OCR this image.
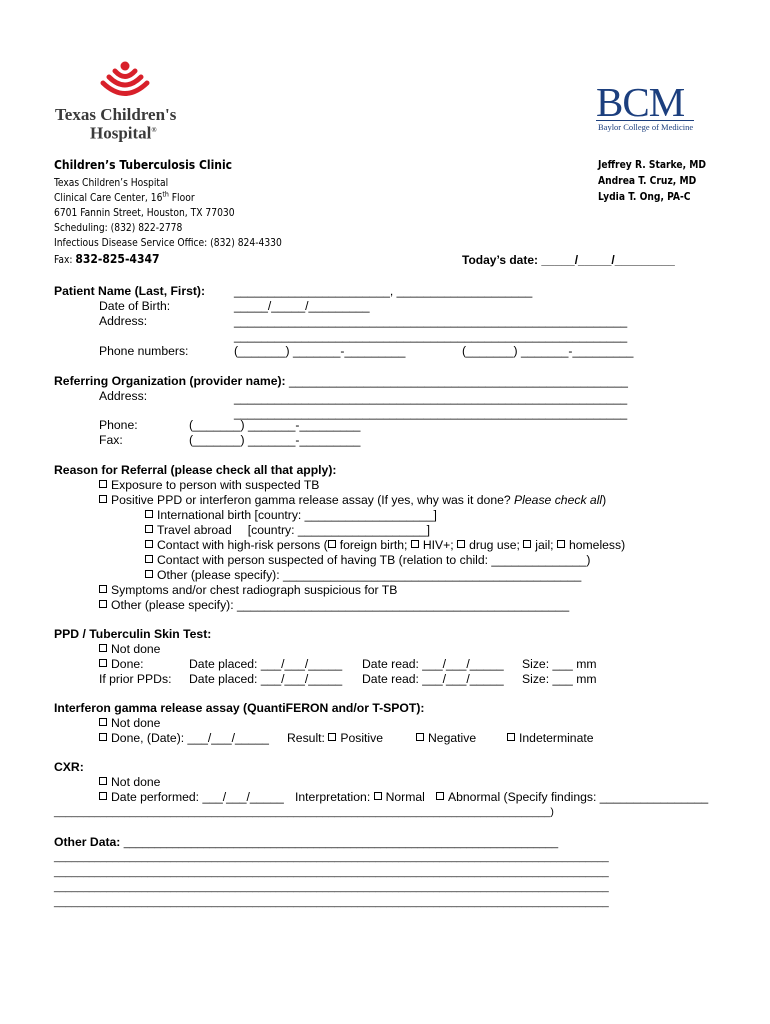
Texas Children's

Hospital®

BCM

Baylor College of Medicine

Children’s Tuberculosis Clinic
Texas Children’s Hospital
Clinical Care Center, 16th Floor
6701 Fannin Street, Houston, TX 77030
Scheduling: (832) 822-2778
Infectious Disease Service Office: (832) 824-4330
Fax: 832-825-4347
Jeffrey R. Starke, MD
Andrea T. Cruz, MD
Lydia T. Ong, PA-C
Today’s date: _____/_____/_________
Patient Name (Last, First): _______________________, ____________________
Date of Birth:	_____/_____/_________
Address:	__________________________________________________________
__________________________________________________________
Phone numbers:	(_______) _______-_________	(_______) _______-_________
Referring Organization (provider name): __________________________________________________
Address:	__________________________________________________________
__________________________________________________________
Phone:	(_______) _______-_________
Fax:	(_______) _______-_________
Reason for Referral (please check all that apply):
Exposure to person with suspected TB
Positive PPD or interferon gamma release assay (If yes, why was it done? Please check all)
International birth [country: ___________________]
Travel abroad [country: ___________________]
Contact with high-risk persons ( foreign birth; HIV+; drug use; jail; homeless)
Contact with person suspected of having TB (relation to child: ______________)
Other (please specify): ____________________________________________
Symptoms and/or chest radiograph suspicious for TB
Other (please specify): _________________________________________________
PPD / Tuberculin Skin Test:
Not done
Done:	Date placed: ___/___/_____ Date read: ___/___/_____ Size: ___ mm
If prior PPDs: Date placed: ___/___/_____ Date read: ___/___/_____ Size: ___ mm
Interferon gamma release assay (QuantiFERON and/or T-SPOT):
Not done
Done, (Date): ___/___/_____ Result: Positive	Negative	Indeterminate
CXR:
Not done
Date performed: ___/___/_____ Interpretation: Normal	Abnormal (Specify findings: ________________
_____________________________________________________________________________________)
Other Data: _______________________________________________________________________
_______________________________________________________________________________________________
_______________________________________________________________________________________________
_______________________________________________________________________________________________
_______________________________________________________________________________________________
